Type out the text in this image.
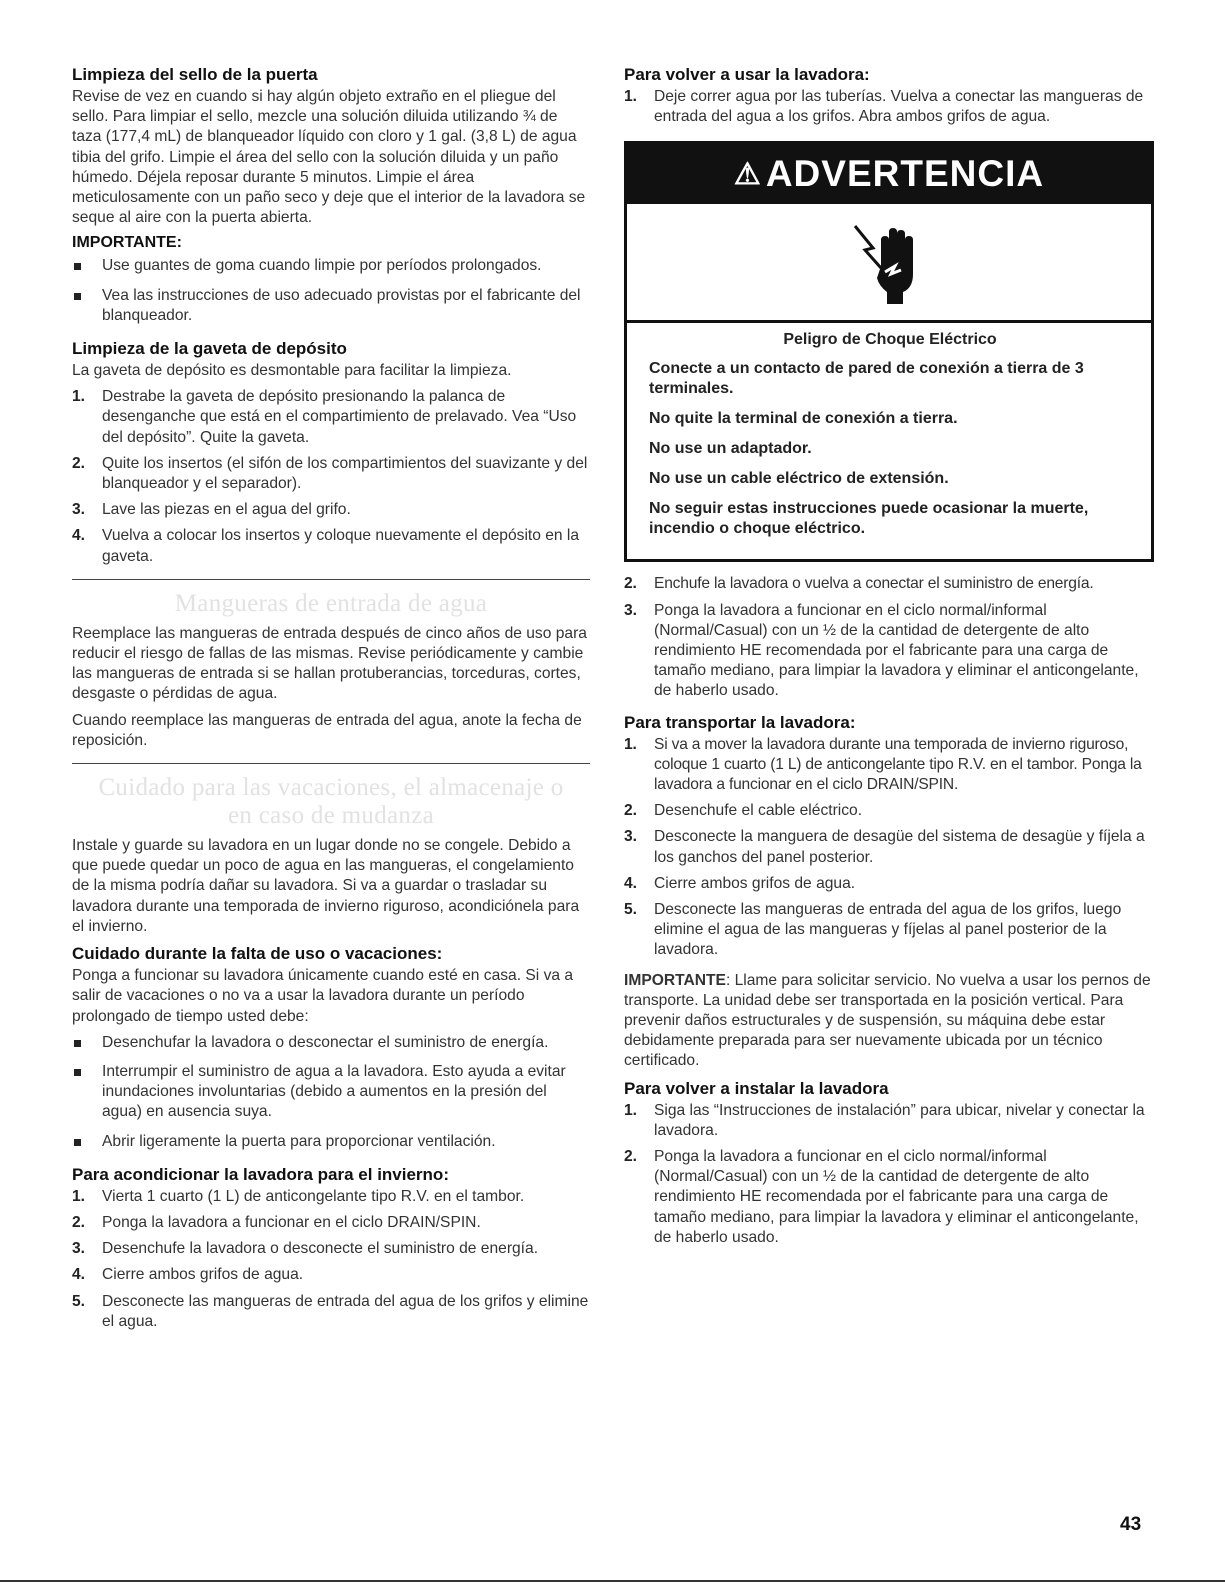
Limpieza del sello de la puerta

Revise de vez en cuando si hay algún objeto extraño en el pliegue del sello. Para limpiar el sello, mezcle una solución diluida utilizando ¾ de taza (177,4 mL) de blanqueador líquido con cloro y 1 gal. (3,8 L) de agua tibia del grifo. Limpie el área del sello con la solución diluida y un paño húmedo. Déjela reposar durante 5 minutos. Limpie el área meticulosamente con un paño seco y deje que el interior de la lavadora se seque al aire con la puerta abierta.

IMPORTANTE:
Use guantes de goma cuando limpie por períodos prolongados.
Vea las instrucciones de uso adecuado provistas por el fabricante del blanqueador.
Limpieza de la gaveta de depósito

La gaveta de depósito es desmontable para facilitar la limpieza.

1. Destrabe la gaveta de depósito presionando la palanca de desenganche que está en el compartimiento de prelavado. Vea “Uso del depósito”. Quite la gaveta.
2. Quite los insertos (el sifón de los compartimientos del suavizante y del blanqueador y el separador).
3. Lave las piezas en el agua del grifo.
4. Vuelva a colocar los insertos y coloque nuevamente el depósito en la gaveta.
Mangueras de entrada de agua

Reemplace las mangueras de entrada después de cinco años de uso para reducir el riesgo de fallas de las mismas. Revise periódicamente y cambie las mangueras de entrada si se hallan protuberancias, torceduras, cortes, desgaste o pérdidas de agua.

Cuando reemplace las mangueras de entrada del agua, anote la fecha de reposición.

Cuidado para las vacaciones, el almacenaje o
en caso de mudanza

Instale y guarde su lavadora en un lugar donde no se congele. Debido a que puede quedar un poco de agua en las mangueras, el congelamiento de la misma podría dañar su lavadora. Si va a guardar o trasladar su lavadora durante una temporada de invierno riguroso, acondiciónela para el invierno.

Cuidado durante la falta de uso o vacaciones:

Ponga a funcionar su lavadora únicamente cuando esté en casa. Si va a salir de vacaciones o no va a usar la lavadora durante un período prolongado de tiempo usted debe:

Desenchufar la lavadora o desconectar el suministro de energía.
Interrumpir el suministro de agua a la lavadora. Esto ayuda a evitar inundaciones involuntarias (debido a aumentos en la presión del agua) en ausencia suya.
Abrir ligeramente la puerta para proporcionar ventilación.
Para acondicionar la lavadora para el invierno:
1. Vierta 1 cuarto (1 L) de anticongelante tipo R.V. en el tambor.
2. Ponga la lavadora a funcionar en el ciclo DRAIN/SPIN.
3. Desenchufe la lavadora o desconecte el suministro de energía.
4. Cierre ambos grifos de agua.
5. Desconecte las mangueras de entrada del agua de los grifos y elimine el agua.
Para volver a usar la lavadora:
1. Deje correr agua por las tuberías. Vuelva a conectar las mangueras de entrada del agua a los grifos. Abra ambos grifos de agua.
⚠ ADVERTENCIA
Peligro de Choque Eléctrico
Conecte a un contacto de pared de conexión a tierra de 3 terminales.
No quite la terminal de conexión a tierra.
No use un adaptador.
No use un cable eléctrico de extensión.
No seguir estas instrucciones puede ocasionar la muerte, incendio o choque eléctrico.
2. Enchufe la lavadora o vuelva a conectar el suministro de energía.
3. Ponga la lavadora a funcionar en el ciclo normal/informal (Normal/Casual) con un ½ de la cantidad de detergente de alto rendimiento HE recomendada por el fabricante para una carga de tamaño mediano, para limpiar la lavadora y eliminar el anticongelante, de haberlo usado.
Para transportar la lavadora:
1. Si va a mover la lavadora durante una temporada de invierno riguroso, coloque 1 cuarto (1 L) de anticongelante tipo R.V. en el tambor. Ponga la lavadora a funcionar en el ciclo DRAIN/SPIN.
2. Desenchufe el cable eléctrico.
3. Desconecte la manguera de desagüe del sistema de desagüe y fíjela a los ganchos del panel posterior.
4. Cierre ambos grifos de agua.
5. Desconecte las mangueras de entrada del agua de los grifos, luego elimine el agua de las mangueras y fíjelas al panel posterior de la lavadora.

IMPORTANTE: Llame para solicitar servicio. No vuelva a usar los pernos de transporte. La unidad debe ser transportada en la posición vertical. Para prevenir daños estructurales y de suspensión, su máquina debe estar debidamente preparada para ser nuevamente ubicada por un técnico certificado.

Para volver a instalar la lavadora
1. Siga las “Instrucciones de instalación” para ubicar, nivelar y conectar la lavadora.
2. Ponga la lavadora a funcionar en el ciclo normal/informal (Normal/Casual) con un ½ de la cantidad de detergente de alto rendimiento HE recomendada por el fabricante para una carga de tamaño mediano, para limpiar la lavadora y eliminar el anticongelante, de haberlo usado.
43
